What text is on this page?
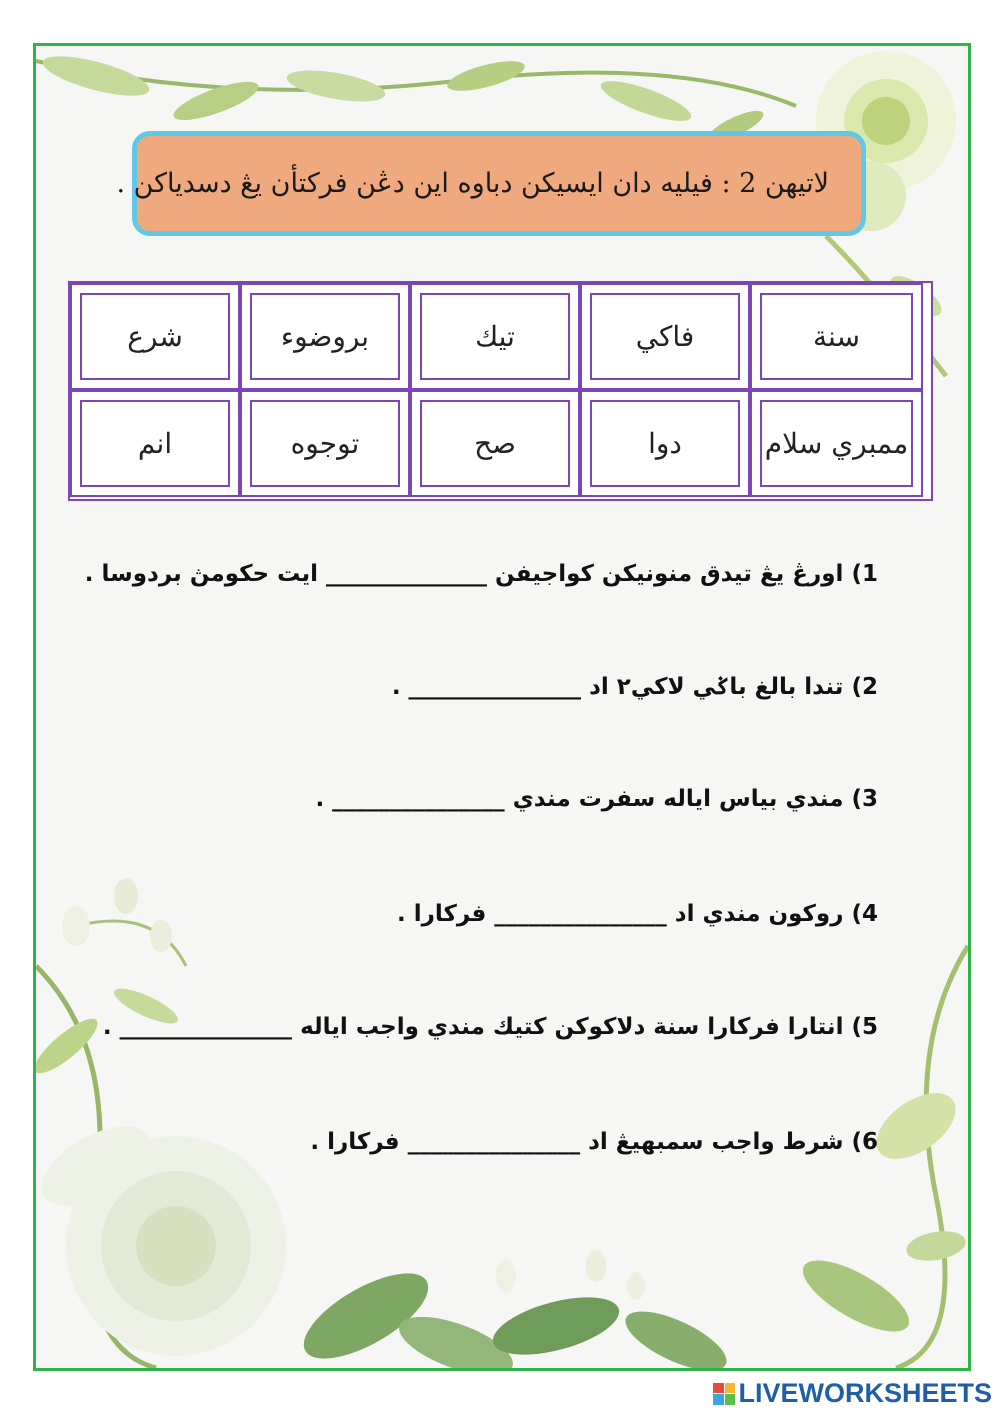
لاتيهن 2 : فيليه دان ايسيكن دباوه اين دڠن فركتأن يڠ دسدياكن .
شرع	بروضوء	تيك	فاكي	سنة
انم	توجوه	صح	دوا	ممبري سلام
1) اورڠ يڠ تيدق منونيكن كواجيفن ______________ ايت حكومڽ بردوسا .
2) تندا بالغ باݢي لاكي٢ اد _______________ .
3) مندي بياس اياله سفرت مندي _______________ .
4) روكون مندي اد _______________ فركارا .
5) انتارا فركارا سنة دلاكوكن كتيك مندي واجب اياله _______________ .
6) شرط واجب سمبهيڠ اد _______________ فركارا .
LIVEWORKSHEETS
